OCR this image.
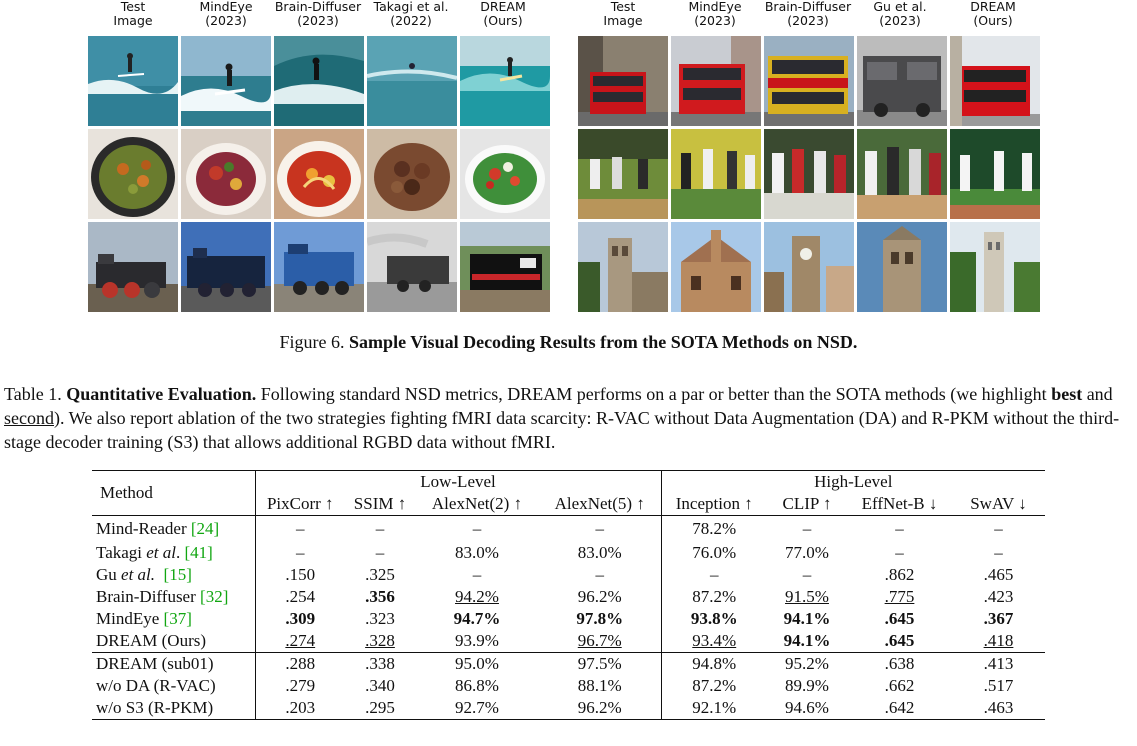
Test
Image
MindEye
(2023)
Brain-Diffuser
(2023)
Takagi et al.
(2022)
DREAM
(Ours)
Test
Image
MindEye
(2023)
Brain-Diffuser
(2023)
Gu et al.
(2023)
DREAM
(Ours)
Figure 6. Sample Visual Decoding Results from the SOTA Methods on NSD.
Table 1. Quantitative Evaluation. Following standard NSD metrics, DREAM performs on a par or better than the SOTA methods (we highlight best and second). We also report ablation of the two strategies fighting fMRI data scarcity: R-VAC without Data Augmentation (DA) and R-PKM without the third-stage decoder training (S3) that allows additional RGBD data without fMRI.
Method	Low-Level				High-Level			
	PixCorr ↑	SSIM ↑	AlexNet(2) ↑	AlexNet(5) ↑	Inception ↑	CLIP ↑	EffNet-B ↓	SwAV ↓
Mind-Reader [24]	–	–	–	–	78.2%	–	–	–
Takagi et al. [41]	–	–	83.0%	83.0%	76.0%	77.0%	–	–
Gu et al. [15]	.150	.325	–	–	–	–	.862	.465
Brain-Diffuser [32]	.254	.356	94.2%	96.2%	87.2%	91.5%	.775	.423
MindEye [37]	.309	.323	94.7%	97.8%	93.8%	94.1%	.645	.367
DREAM (Ours)	.274	.328	93.9%	96.7%	93.4%	94.1%	.645	.418
DREAM (sub01)	.288	.338	95.0%	97.5%	94.8%	95.2%	.638	.413
w/o DA (R-VAC)	.279	.340	86.8%	88.1%	87.2%	89.9%	.662	.517
w/o S3 (R-PKM)	.203	.295	92.7%	96.2%	92.1%	94.6%	.642	.463
